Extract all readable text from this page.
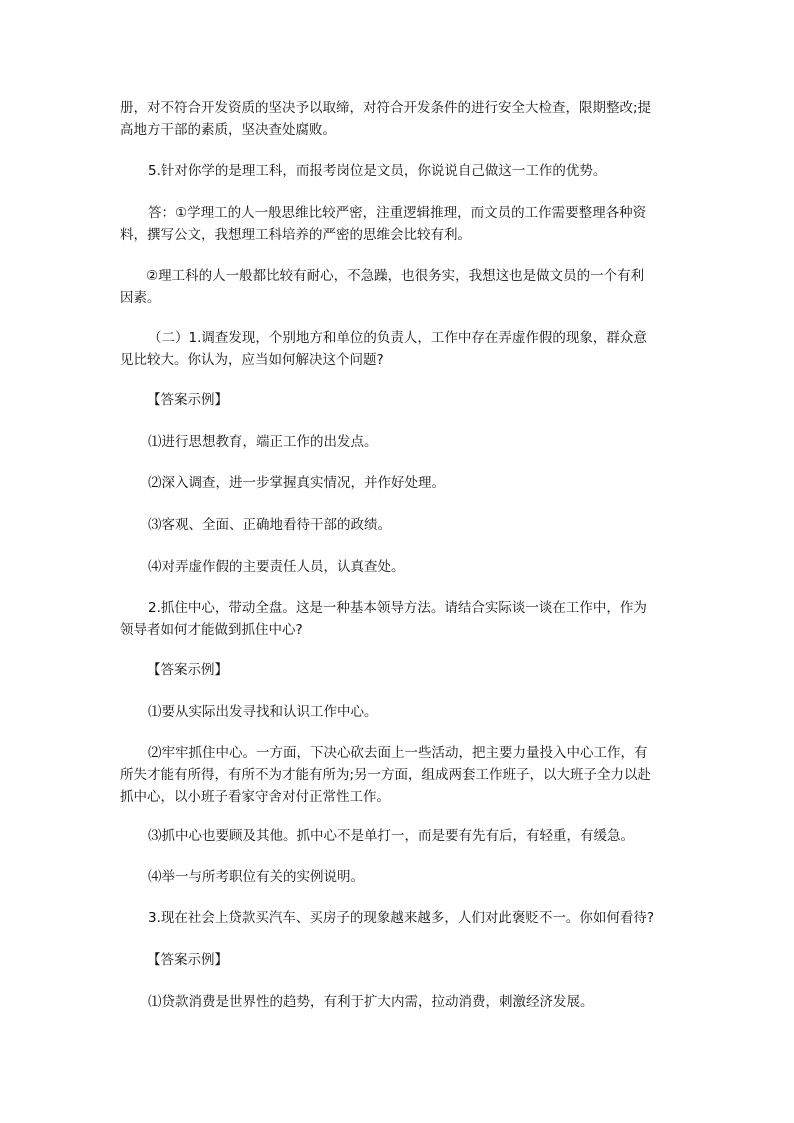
册，对不符合开发资质的坚决予以取缔，对符合开发条件的进行安全大检查，限期整改;提
高地方干部的素质，坚决查处腐败。

5.针对你学的是理工科，而报考岗位是文员，你说说自己做这一工作的优势。

答：①学理工的人一般思维比较严密，注重逻辑推理，而文员的工作需要整理各种资
料，撰写公文，我想理工科培养的严密的思维会比较有利。

②理工科的人一般都比较有耐心，不急躁，也很务实，我想这也是做文员的一个有利
因素。

（二）1.调查发现，个别地方和单位的负责人，工作中存在弄虚作假的现象，群众意
见比较大。你认为，应当如何解决这个问题?

【答案示例】

⑴进行思想教育，端正工作的出发点。

⑵深入调查，进一步掌握真实情况，并作好处理。

⑶客观、全面、正确地看待干部的政绩。

⑷对弄虚作假的主要责任人员，认真查处。

2.抓住中心，带动全盘。这是一种基本领导方法。请结合实际谈一谈在工作中，作为
领导者如何才能做到抓住中心?

【答案示例】

⑴要从实际出发寻找和认识工作中心。

⑵牢牢抓住中心。一方面，下决心砍去面上一些活动，把主要力量投入中心工作，有
所失才能有所得，有所不为才能有所为;另一方面，组成两套工作班子，以大班子全力以赴
抓中心，以小班子看家守舍对付正常性工作。

⑶抓中心也要顾及其他。抓中心不是单打一，而是要有先有后，有轻重，有缓急。

⑷举一与所考职位有关的实例说明。

3.现在社会上贷款买汽车、买房子的现象越来越多，人们对此褒贬不一。你如何看待?

【答案示例】

⑴贷款消费是世界性的趋势，有利于扩大内需，拉动消费，刺激经济发展。
